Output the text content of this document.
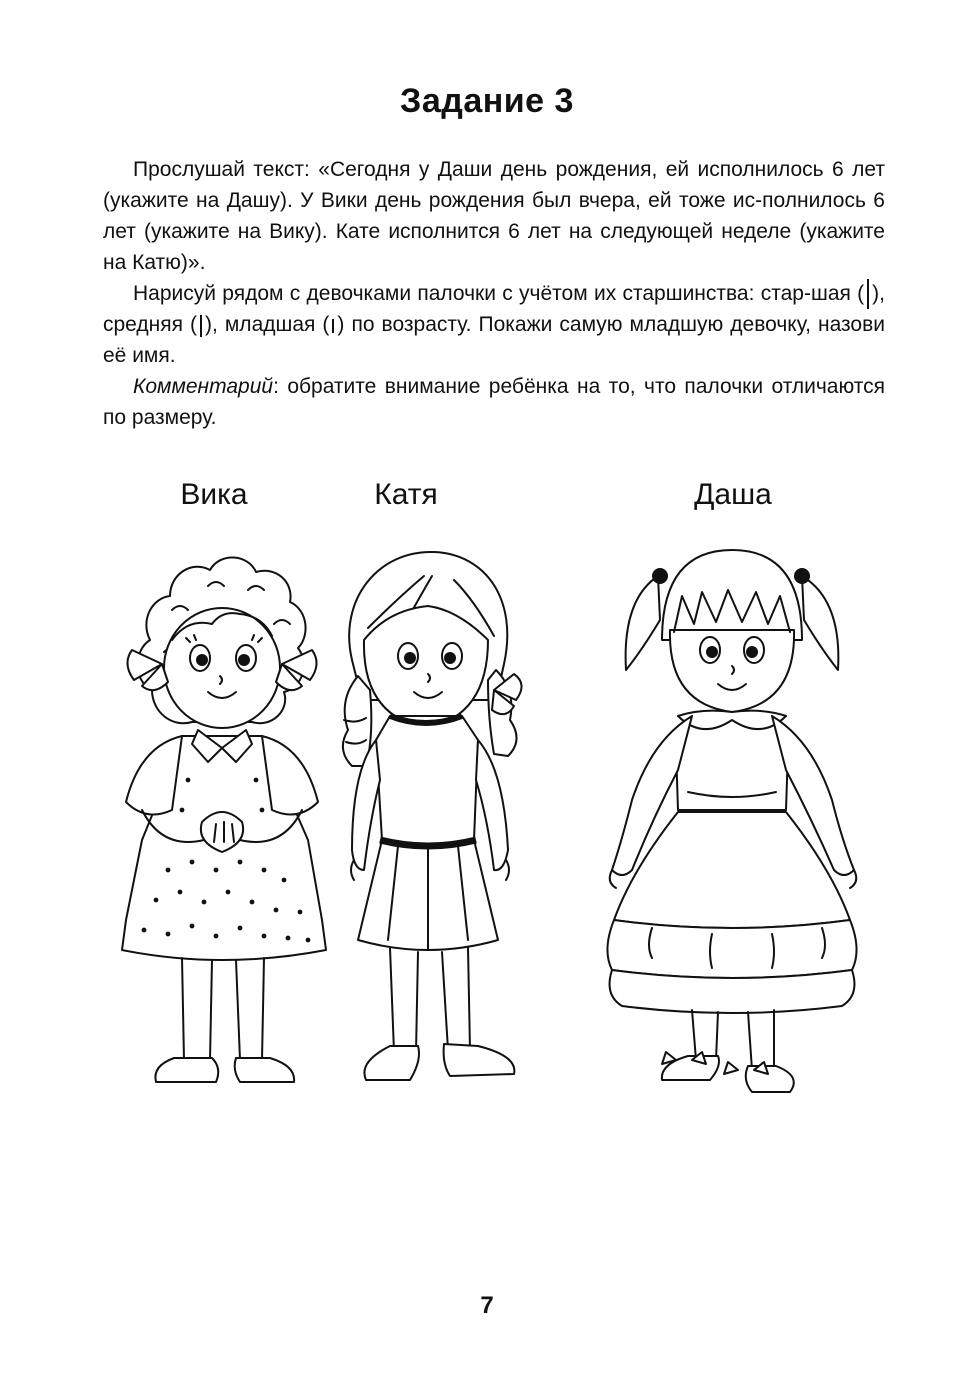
Задание 3

Прослушай текст: «Сегодня у Даши день рождения, ей исполнилось 6 лет (укажите на Дашу). У Вики день рождения был вчера, ей тоже ис-полнилось 6 лет (укажите на Вику). Кате исполнится 6 лет на следующей неделе (укажите на Катю)».

Нарисуй рядом с девочками палочки с учётом их старшинства: стар-шая ( ), средняя ( ), младшая ( ) по возрасту. Покажи самую младшую девочку, назови её имя.

Комментарий: обратите внимание ребёнка на то, что палочки отличаются по размеру.

Вика	Катя	Даша
7
